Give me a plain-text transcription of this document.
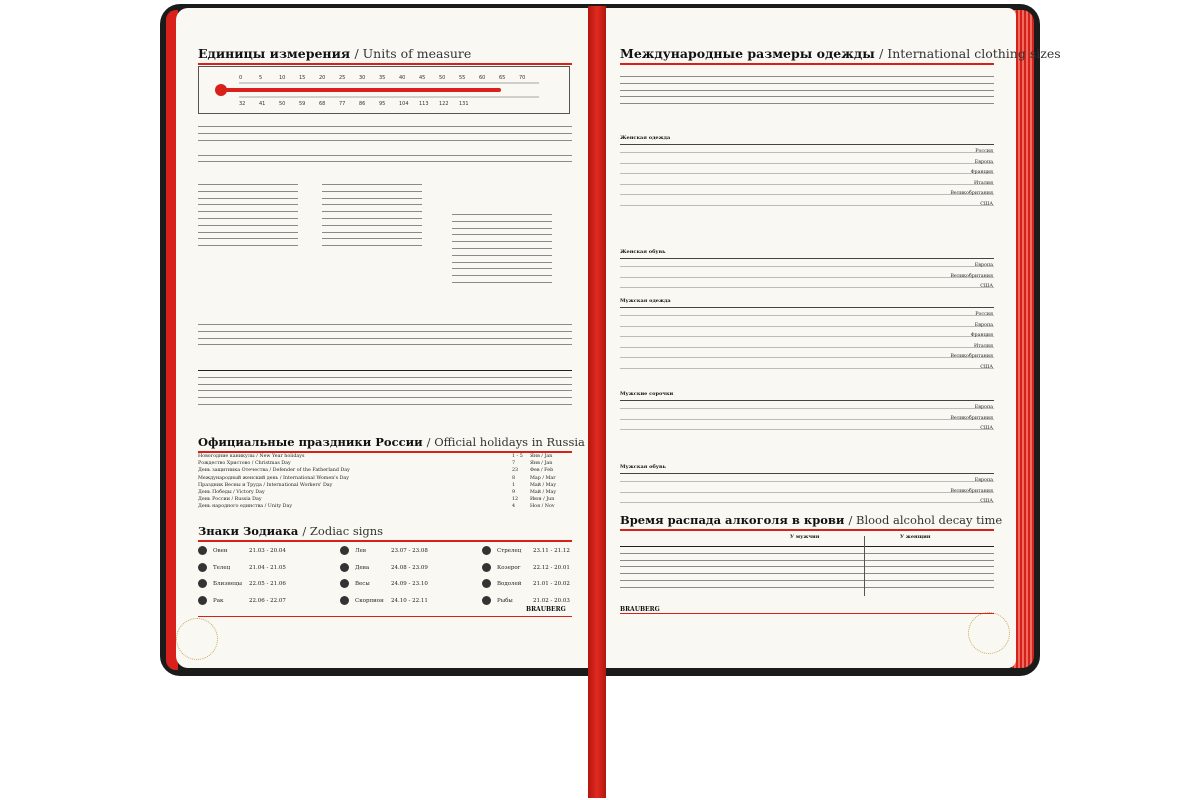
Единицы измерения / Units of measure
0	5	10	15	20	25	30	35	40	45	50	55	60	65	70
32	41	50	59	68	77	86	95	104 113 122 131
Официальные праздники России / Official holidays in Russia
Новогодние каникулы / New Year holidays	1 - 5 Янв / Jan
Рождество Христово / Christmas Day	7	Янв / Jan
День защитника Отечества / Defender of the Fatherland Day	23 Фев / Feb
Международный женский день / International Women's Day	8	Мар / Mar
Праздник Весны и Труда / International Workers' Day	1	Май / May
День Победы / Victory Day	9	Май / May
День России / Russia Day	12 Июн / Jun
День народного единства / Unity Day	4	Ноя / Nov
Знаки Зодиака / Zodiac signs
Овен	21.03 - 20.04	Лев	23.07 - 23.08	Стрелец 23.11 - 21.12
Телец	21.04 - 21.05	Дева	24.08 - 23.09	Козерог 22.12 - 20.01
Близнецы 22.05 - 21.06	Весы	24.09 - 23.10	Водолей 21.01 - 20.02
Рак	22.06 - 22.07	Скорпион 24.10 - 22.11	Рыбы	21.02 - 20.03
BRAUBERG
Международные размеры одежды / International clothing sizes
Женская одежда
Россия
Европа
Франция
Италия
Великобритания
США
Женская обувь
Европа
Великобритания
США
Мужская одежда
Россия
Европа
Франция
Италия
Великобритания
США
Мужские сорочки
Европа
Великобритания
США
Мужская обувь
Европа
Великобритания
США
Время распада алкоголя в крови / Blood alcohol decay time
У мужчин	У женщин
BRAUBERG
